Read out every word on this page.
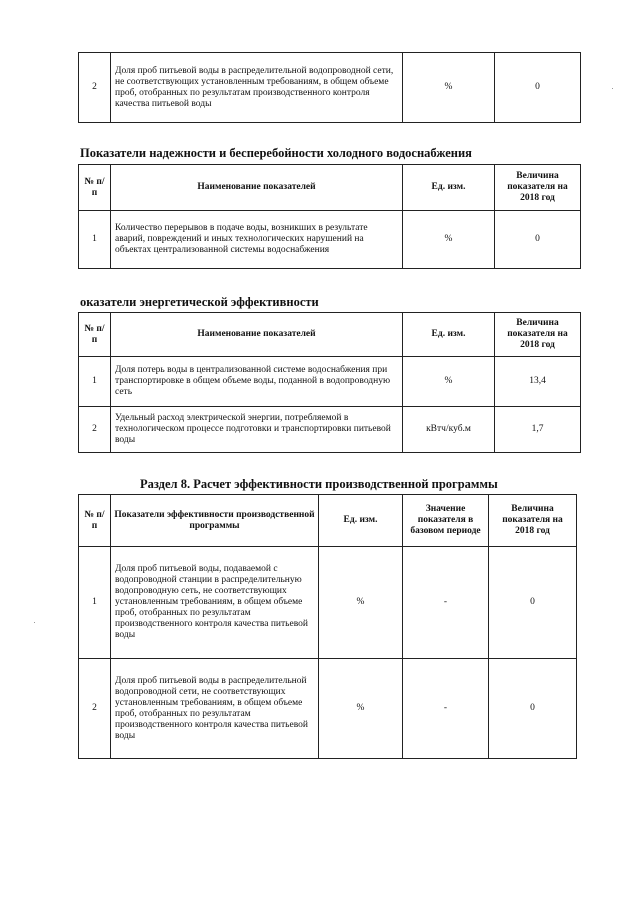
2	Доля проб питьевой воды в распределительной водопроводной сети, не соответствующих установленным требованиям, в общем объеме проб, отобранных по результатам производственного контроля качества питьевой воды	%	0
Показатели надежности и бесперебойности холодного водоснабжения
№ п/п	Наименование показателей	Ед. изм.	Величина показателя на 2018 год
1	Количество перерывов в подаче воды, возникших в результате аварий, повреждений и иных технологических нарушений на объектах централизованной системы водоснабжения	%	0
оказатели энергетической эффективности
№ п/п	Наименование показателей	Ед. изм.	Величина показателя на 2018 год
1	Доля потерь воды в централизованной системе водоснабжения при транспортировке в общем объеме воды, поданной в водопроводную сеть	%	13,4
2	Удельный расход электрической энергии, потребляемой в технологическом процессе подготовки и транспортировки питьевой воды	кВтч/куб.м	1,7
Раздел 8. Расчет эффективности производственной программы
№ п/п	Показатели эффективности производственной программы	Ед. изм.	Значение показателя в базовом периоде	Величина показателя на 2018 год
1	Доля проб питьевой воды, подаваемой с водопроводной станции в распределительную водопроводную сеть, не соответствующих установленным требованиям, в общем объеме проб, отобранных по результатам производственного контроля качества питьевой воды	%	-	0
2	Доля проб питьевой воды в распределительной водопроводной сети, не соответствующих установленным требованиям, в общем объеме проб, отобранных по результатам производственного контроля качества питьевой воды	%	-	0
